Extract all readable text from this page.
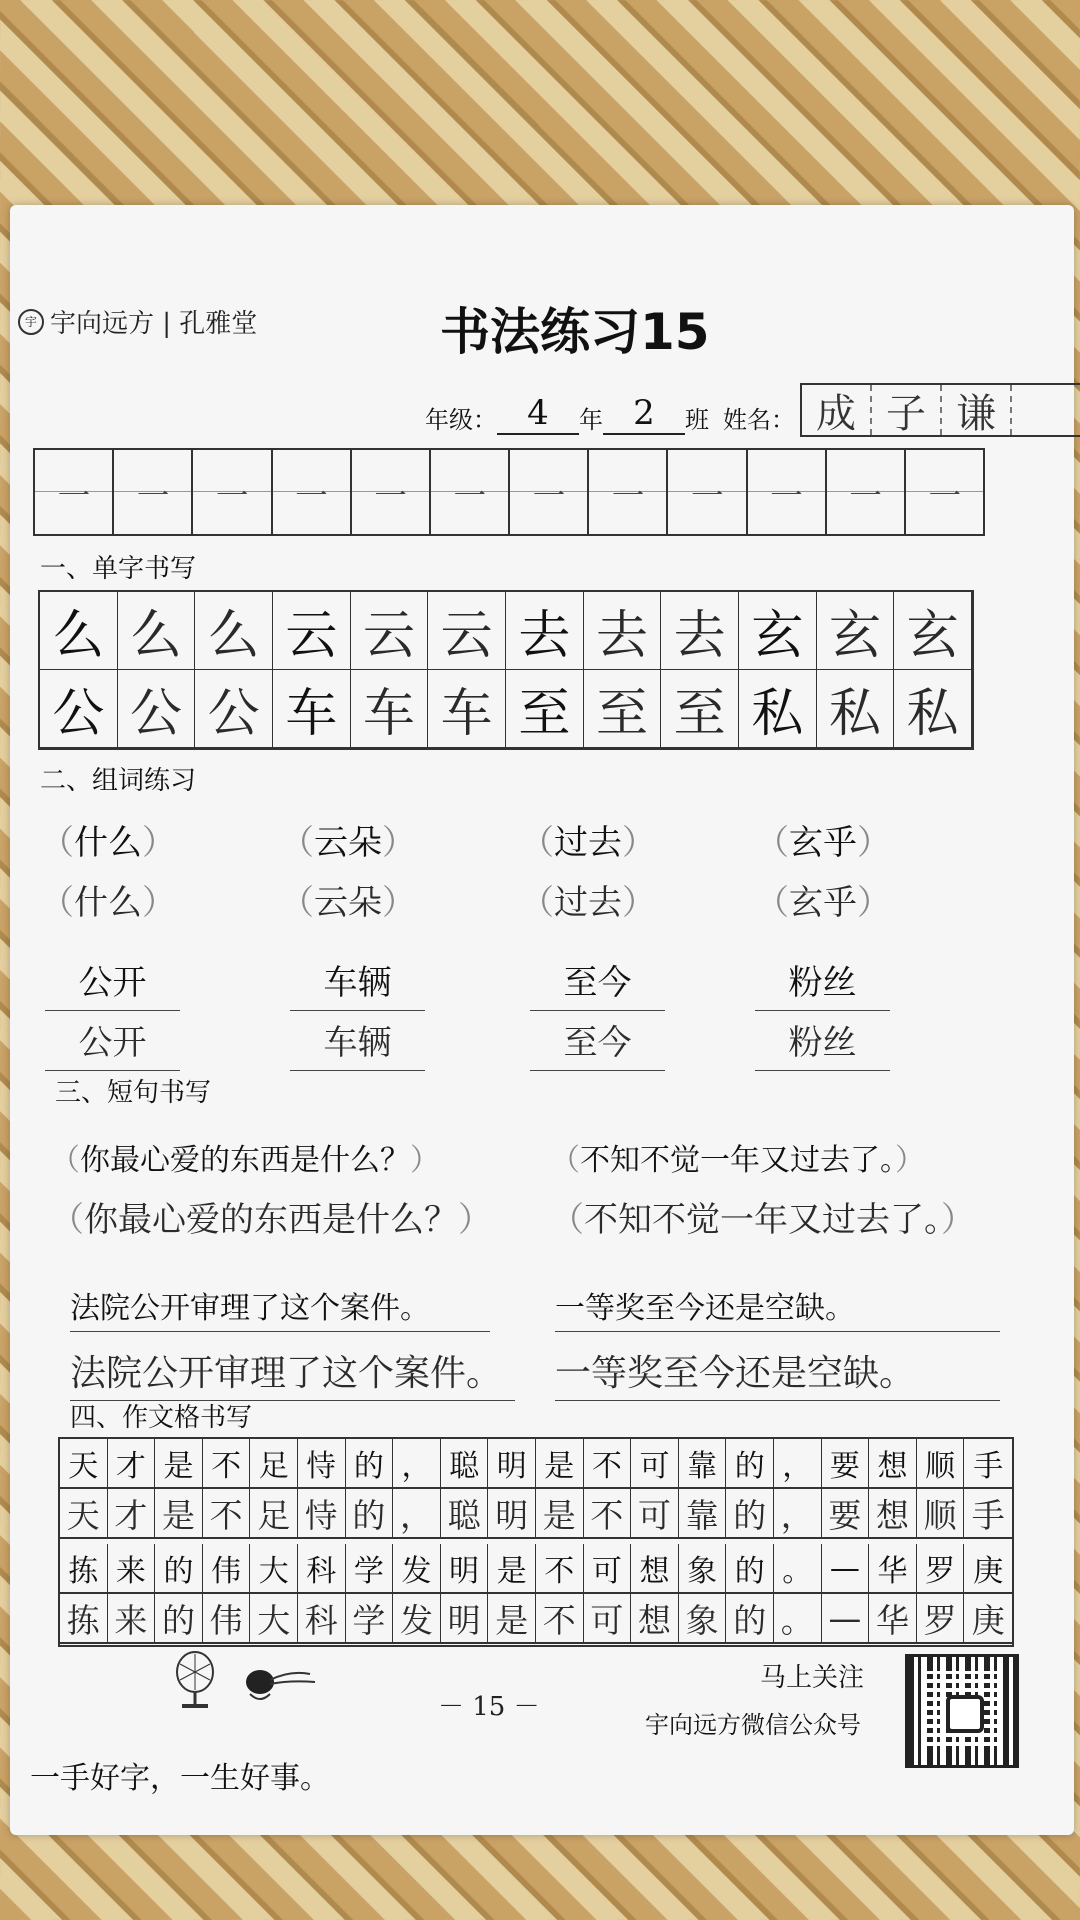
宇 宇向远方 | 孔雅堂	书法练习15
年级： 4	年 2	班 姓名： 成 子 谦
㇐	㇐	㇐	㇐	㇐	㇐	㇐	㇐	㇐	㇐	㇐	㇐
一、单字书写
么 么 么 云 云 云 去 去 去 玄 玄 玄
公 公 公 车 车 车 至 至 至 私 私 私
二、组词练习
（什么）	（云朵）	（过去）	（玄乎）
（什么）	（云朵）	（过去）	（玄乎）
公开	车辆	至今	粉丝
公开	车辆	至今	粉丝
三、短句书写
（你最心爱的东西是什么？）	（不知不觉一年又过去了。）
（你最心爱的东西是什么？） （不知不觉一年又过去了。）
法院公开审理了这个案件。	一等奖至今还是空缺。
法院公开审理了这个案件。	一等奖至今还是空缺。
四、作文格书写
天 才 是 不 足 恃 的 ， 聪 明 是 不 可 靠 的 ， 要 想 顺 手
天 才 是 不 足 恃 的 ， 聪 明 是 不 可 靠 的 ， 要 想 顺 手
拣 来 的 伟 大 科 学 发 明 是 不 可 想 象 的 。 — 华 罗 庚
拣 来 的 伟 大 科 学 发 明 是 不 可 想 象 的 。 — 华 罗 庚
一手好字，一生好事。
－ 15 －
马上关注
宇向远方微信公众号
